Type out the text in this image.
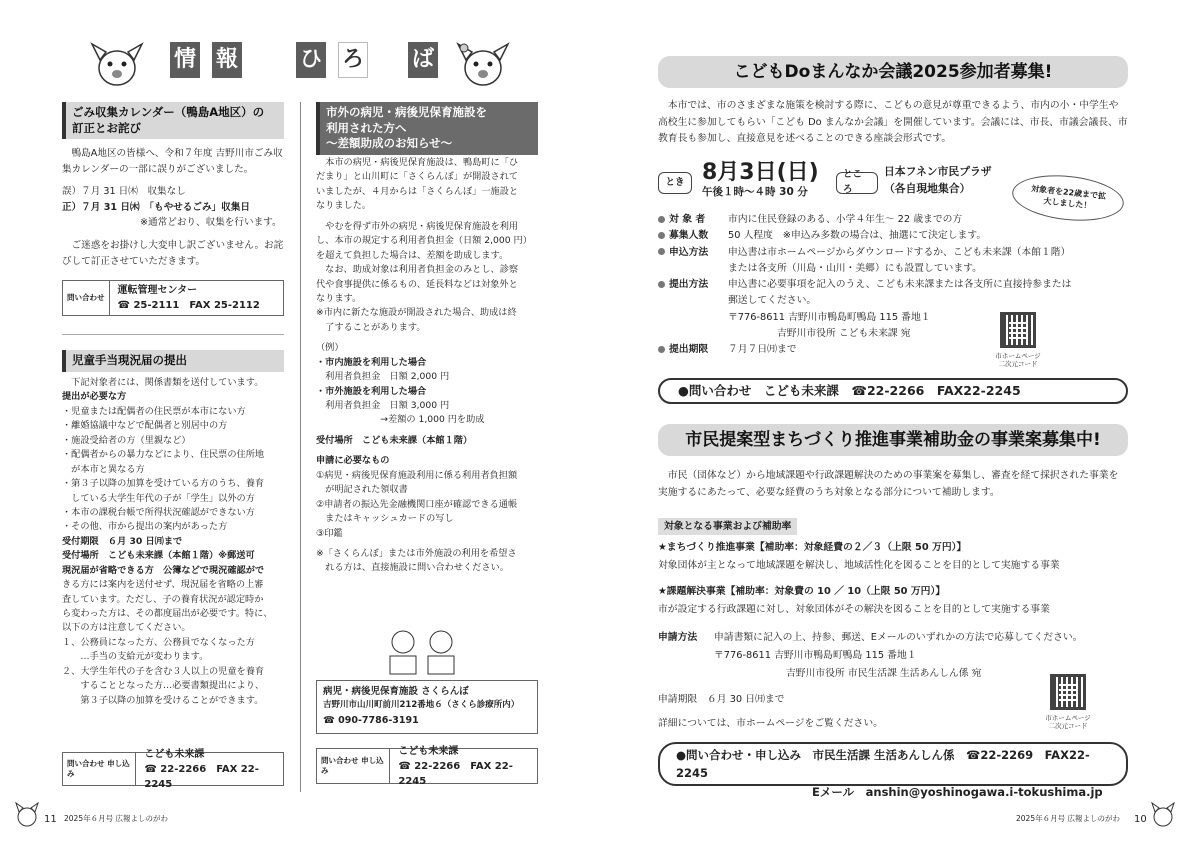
情 報	ひ ろ ば
ごみ収集カレンダー（鴨島A地区）の
訂正とお詫び
　鴨島A地区の皆様へ、令和７年度 吉野川市ごみ収集カレンダーの一部に誤りがございました。
誤）７月 31 日㈭　収集なし
正）７月 31 日㈭　「もやせるごみ」収集日
※通常どおり、収集を行います。
　ご迷惑をお掛けし大変申し訳ございません。お詫びして訂正させていただきます。
問い合わせ
運転管理センター
☎ 25-2111　FAX 25-2112
児童手当現況届の提出
　下記対象者には、関係書類を送付しています。
提出が必要な方
・児童または配偶者の住民票が本市にない方
・離婚協議中などで配偶者と別居中の方
・施設受給者の方（里親など）
・配偶者からの暴力などにより、住民票の住所地
　が本市と異なる方
・第３子以降の加算を受けている方のうち、養育
　している大学生年代の子が「学生」以外の方
・本市の課税台帳で所得状況確認ができない方
・その他、市から提出の案内があった方
受付期限　６月 30 日㈪まで
受付場所　こども未来課（本館１階）※郵送可
現況届が省略できる方　公簿などで現況確認がで
きる方には案内を送付せず、現況届を省略の上審
査しています。ただし、子の養育状況が認定時か
ら変わった方は、その都度届出が必要です。特に、
以下の方は注意してください。
１、公務員になった方、公務員でなくなった方
　　…手当の支給元が変わります。
２、大学生年代の子を含む３人以上の児童を養育
　　することとなった方…必要書類提出により、
　　第３子以降の加算を受けることができます。
問い合わせ 申し込み
こども未来課
☎ 22-2266　FAX 22-2245
市外の病児・病後児保育施設を
利用された方へ
～差額助成のお知らせ～
　本市の病児・病後児保育施設は、鴨島町に「ひ
だまり」と山川町に「さくらんぼ」が開設されて
いましたが、４月からは「さくらんぼ」一施設と
なりました。

　やむを得ず市外の病児・病後児保育施設を利用
し、本市の規定する利用者負担金（日額 2,000 円）
を超えて負担した場合は、差額を助成します。
　なお、助成対象は利用者負担金のみとし、診察
代や食事提供に係るもの、延長料などは対象外と
なります。
※市内に新たな施設が開設された場合、助成は終
　了することがあります。

（例）
・市内施設を利用した場合
　利用者負担金　日額 2,000 円
・市外施設を利用した場合
　利用者負担金　日額 3,000 円
　　　　　　　→差額の 1,000 円を助成

受付場所　こども未来課（本館１階）

申請に必要なもの
①病児・病後児保育施設利用に係る利用者負担額
　が明記された領収書
②申請者の振込先金融機関口座が確認できる通帳
　またはキャッシュカードの写し
③印鑑

※「さくらんぼ」または市外施設の利用を希望さ
　れる方は、直接施設に問い合わせください。
病児・病後児保育施設 さくらんぼ
吉野川市山川町前川212番地６（さくら診療所内）
☎ 090-7786-3191
問い合わせ 申し込み
こども未来課
☎ 22-2266　FAX 22-2245
こどもDoまんなか会議2025参加者募集!
　本市では、市のさまざまな施策を検討する際に、こどもの意見が尊重できるよう、市内の小・中学生や高校生に参加してもらい「こども Do まんなか会議」を開催しています。会議には、市長、市議会議長、市教育長も参加し、直接意見を述べることのできる座談会形式です。
とき 8月3日(日)
午後１時～４時 30 分
ところ
日本フネン市民プラザ
（各自現地集合）	対象者を22歳まで拡大しました！
対 象 者	市内に住民登録のある、小学４年生～ 22 歳までの方
募集人数	50 人程度　※申込み多数の場合は、抽選にて決定します。
申込方法	申込書は市ホームページからダウンロードするか、こども未来課（本館１階）
または各支所（川島・山川・美郷）にも設置しています。
提出方法	申込書に必要事項を記入のうえ、こども未来課または各支所に直接持参または
郵送してください。
〒776-8611 吉野川市鴨島町鴨島 115 番地１
　　　　　吉野川市役所 こども未来課 宛
提出期限	７月７日㈪まで
市ホームページ
二次元コード
●問い合わせ　こども未来課　☎22-2266　FAX22-2245
市民提案型まちづくり推進事業補助金の事業案募集中!
　市民（団体など）から地域課題や行政課題解決のための事業案を募集し、審査を経て採択された事業を実施するにあたって、必要な経費のうち対象となる部分について補助します。
対象となる事業および補助率
★まちづくり推進事業【補助率：対象経費の２／３（上限 50 万円）】
対象団体が主となって地域課題を解決し、地域活性化を図ることを目的として実施する事業
★課題解決事業【補助率：対象費の 10 ／ 10（上限 50 万円）】
市が設定する行政課題に対し、対象団体がその解決を図ることを目的として実施する事業
申請方法 申請書類に記入の上、持参、郵送、Eメールのいずれかの方法で応募してください。
〒776-8611 吉野川市鴨島町鴨島 115 番地１
吉野川市役所 市民生活課 生活あんしん係 宛
申請期限　６月 30 日㈪まで
詳細については、市ホームページをご覧ください。	市ホームページ
二次元コード
●問い合わせ・申し込み　市民生活課 生活あんしん係　☎22-2269　FAX22-2245
Eメール　anshin@yoshinogawa.i-tokushima.jp
11 2025年６月号 広報よしのがわ	2025年６月号 広報よしのがわ 10
